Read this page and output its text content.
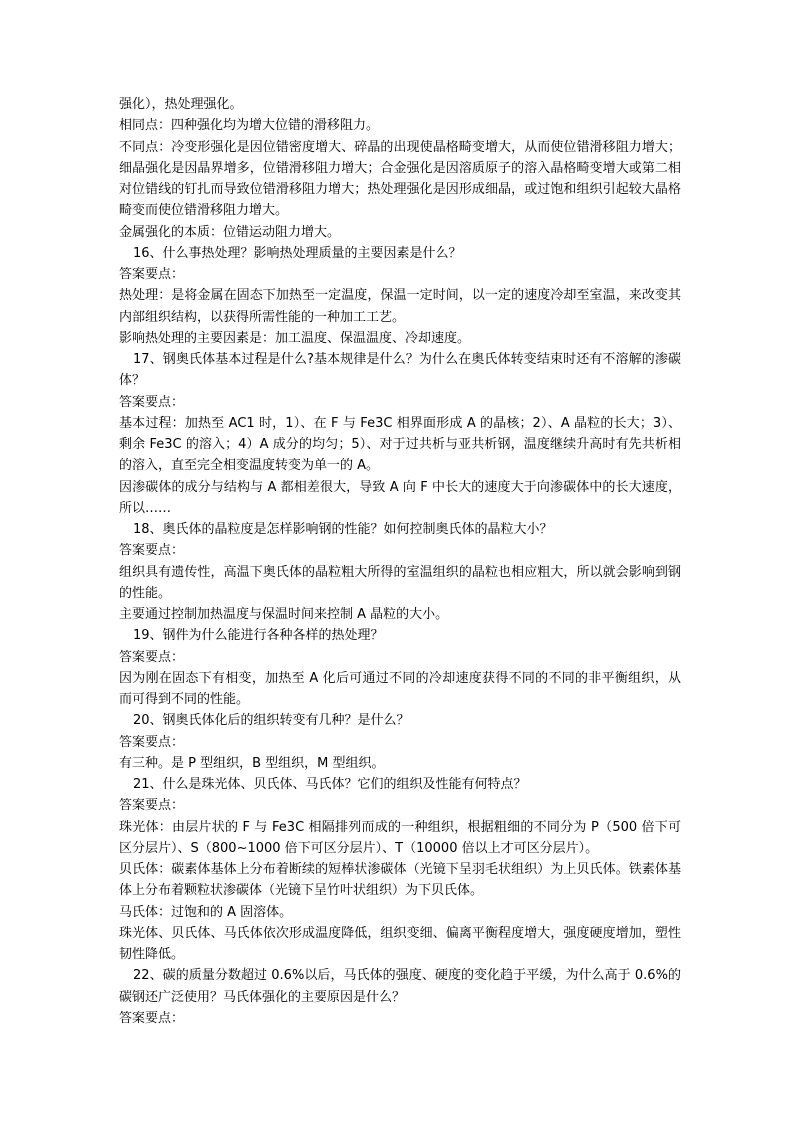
强化），热处理强化。

相同点：四种强化均为增大位错的滑移阻力。

不同点：冷变形强化是因位错密度增大、碎晶的出现使晶格畸变增大，从而使位错滑移阻力增大；细晶强化是因晶界增多，位错滑移阻力增大；合金强化是因溶质原子的溶入晶格畸变增大或第二相对位错线的钉扎而导致位错滑移阻力增大；热处理强化是因形成细晶，或过饱和组织引起较大晶格畸变而使位错滑移阻力增大。

金属强化的本质：位错运动阻力增大。

16、什么事热处理？影响热处理质量的主要因素是什么？

答案要点：

热处理：是将金属在固态下加热至一定温度，保温一定时间，以一定的速度冷却至室温，来改变其内部组织结构，以获得所需性能的一种加工工艺。

影响热处理的主要因素是：加工温度、保温温度、冷却速度。

17、钢奥氏体基本过程是什么?基本规律是什么？为什么在奥氏体转变结束时还有不溶解的渗碳体？

答案要点：

基本过程：加热至 AC1 时，1）、在 F 与 Fe3C 相界面形成 A 的晶核；2）、A 晶粒的长大；3）、剩余 Fe3C 的溶入；4）A 成分的均匀；5）、对于过共析与亚共析钢，温度继续升高时有先共析相的溶入，直至完全相变温度转变为单一的 A。

因渗碳体的成分与结构与 A 都相差很大，导致 A 向 F 中长大的速度大于向渗碳体中的长大速度，所以……

18、奥氏体的晶粒度是怎样影响钢的性能？如何控制奥氏体的晶粒大小？

答案要点：

组织具有遗传性，高温下奥氏体的晶粒粗大所得的室温组织的晶粒也相应粗大，所以就会影响到钢的性能。

主要通过控制加热温度与保温时间来控制 A 晶粒的大小。

19、钢件为什么能进行各种各样的热处理？

答案要点：

因为刚在固态下有相变，加热至 A 化后可通过不同的冷却速度获得不同的不同的非平衡组织，从而可得到不同的性能。

20、钢奥氏体化后的组织转变有几种？是什么？

答案要点：

有三种。是 P 型组织，B 型组织，M 型组织。

21、什么是珠光体、贝氏体、马氏体？它们的组织及性能有何特点？

答案要点：

珠光体：由层片状的 F 与 Fe3C 相隔排列而成的一种组织，根据粗细的不同分为 P（500 倍下可区分层片）、S（800~1000 倍下可区分层片）、T（10000 倍以上才可区分层片）。

贝氏体：碳素体基体上分布着断续的短棒状渗碳体（光镜下呈羽毛状组织）为上贝氏体。铁素体基体上分布着颗粒状渗碳体（光镜下呈竹叶状组织）为下贝氏体。

马氏体：过饱和的 A 固溶体。

珠光体、贝氏体、马氏体依次形成温度降低，组织变细、偏离平衡程度增大，强度硬度增加，塑性韧性降低。

22、碳的质量分数超过 0.6%以后，马氏体的强度、硬度的变化趋于平缓，为什么高于 0.6%的碳钢还广泛使用？马氏体强化的主要原因是什么？

答案要点：
